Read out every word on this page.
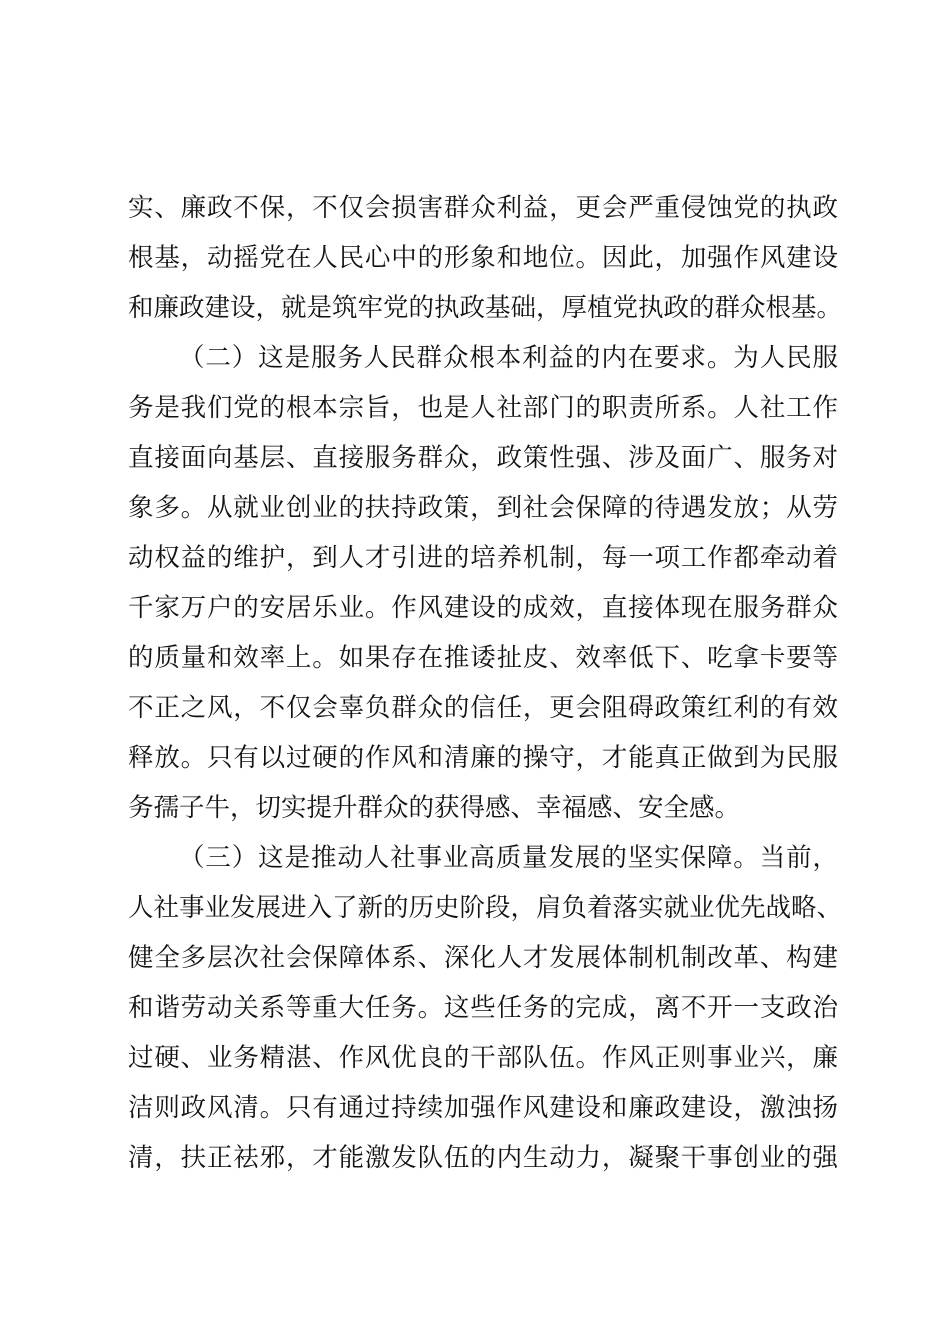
实、廉政不保，不仅会损害群众利益，更会严重侵蚀党的执政
根基，动摇党在人民心中的形象和地位。因此，加强作风建设
和廉政建设，就是筑牢党的执政基础，厚植党执政的群众根基。
（二）这是服务人民群众根本利益的内在要求。为人民服
务是我们党的根本宗旨，也是人社部门的职责所系。人社工作
直接面向基层、直接服务群众，政策性强、涉及面广、服务对
象多。从就业创业的扶持政策，到社会保障的待遇发放；从劳
动权益的维护，到人才引进的培养机制，每一项工作都牵动着
千家万户的安居乐业。作风建设的成效，直接体现在服务群众
的质量和效率上。如果存在推诿扯皮、效率低下、吃拿卡要等
不正之风，不仅会辜负群众的信任，更会阻碍政策红利的有效
释放。只有以过硬的作风和清廉的操守，才能真正做到为民服
务孺子牛，切实提升群众的获得感、幸福感、安全感。
（三）这是推动人社事业高质量发展的坚实保障。当前，
人社事业发展进入了新的历史阶段，肩负着落实就业优先战略、
健全多层次社会保障体系、深化人才发展体制机制改革、构建
和谐劳动关系等重大任务。这些任务的完成，离不开一支政治
过硬、业务精湛、作风优良的干部队伍。作风正则事业兴，廉
洁则政风清。只有通过持续加强作风建设和廉政建设，激浊扬
清，扶正祛邪，才能激发队伍的内生动力，凝聚干事创业的强
